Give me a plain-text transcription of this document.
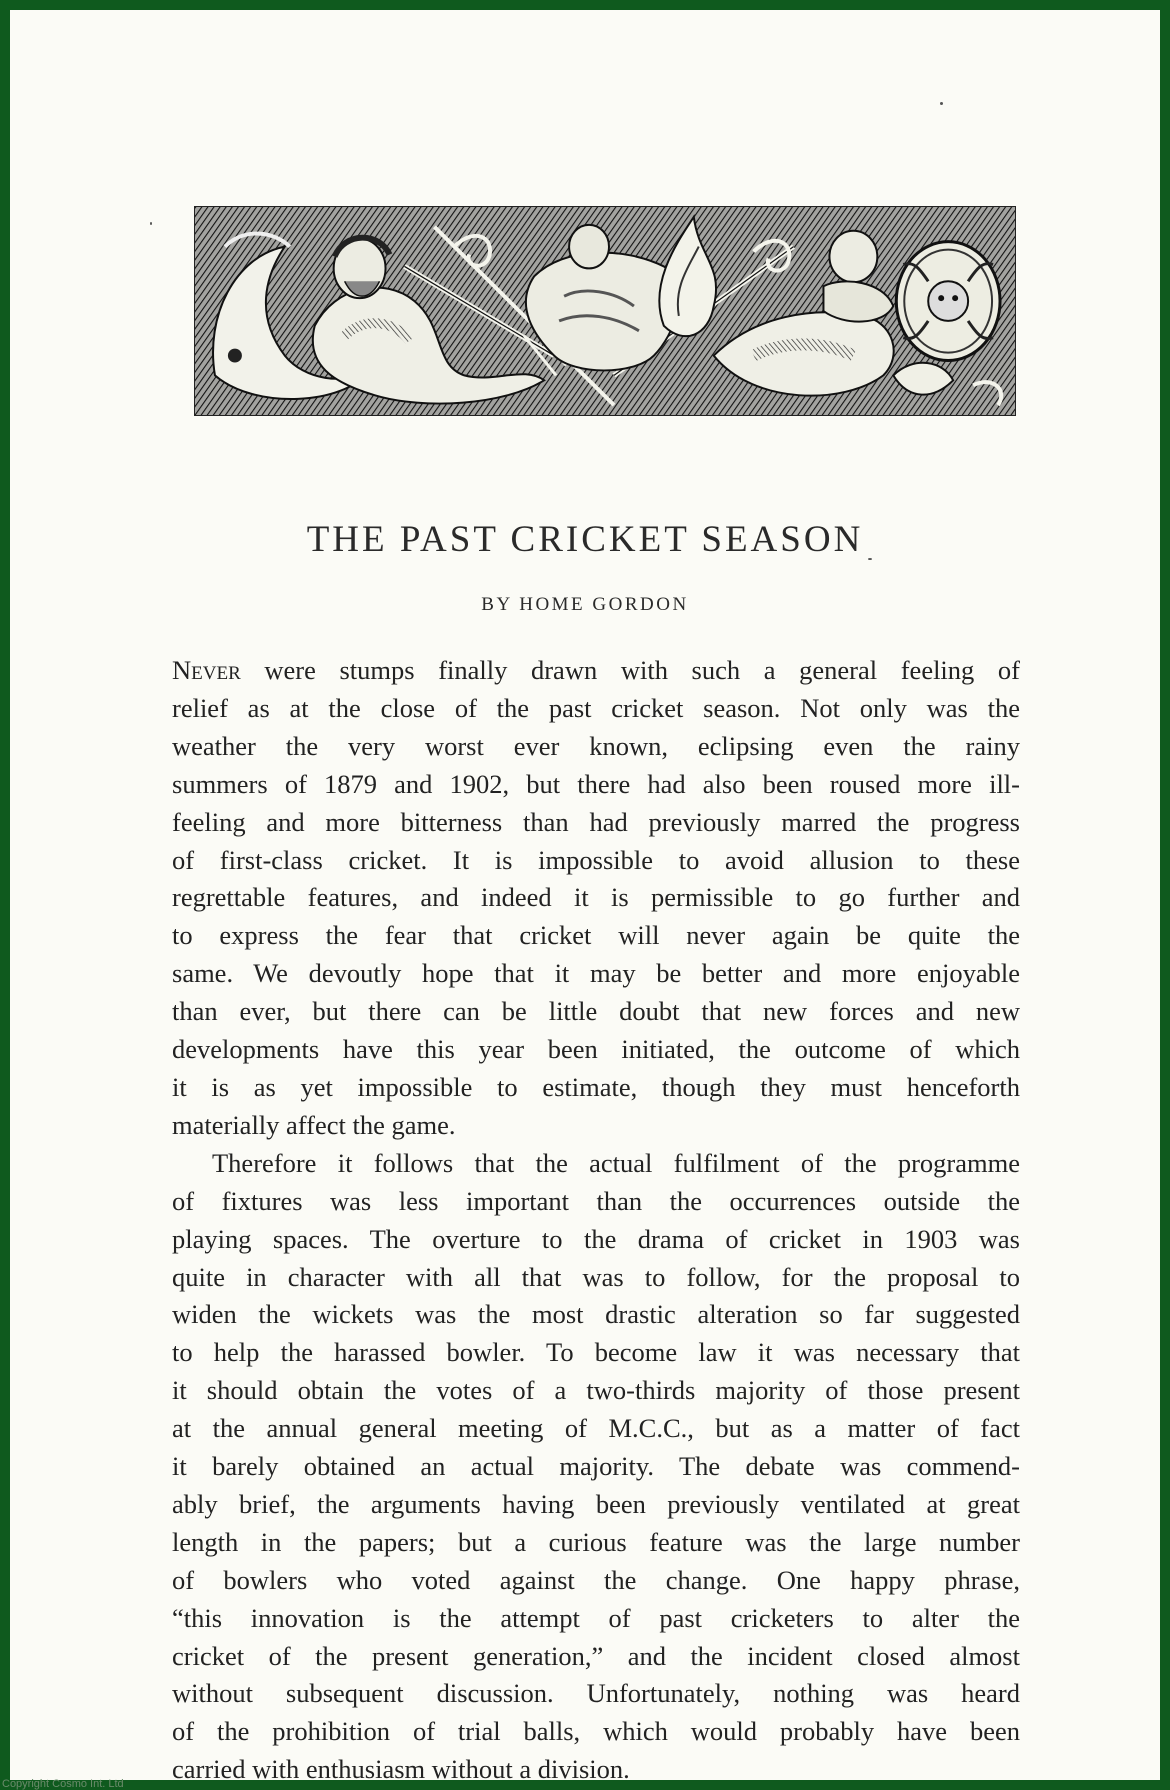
THE PAST CRICKET SEASON
BY HOME GORDON
Never were stumps finally drawn with such a general feeling of
relief as at the close of the past cricket season. Not only was the
weather the very worst ever known, eclipsing even the rainy
summers of 1879 and 1902, but there had also been roused more ill-
feeling and more bitterness than had previously marred the progress
of first-class cricket. It is impossible to avoid allusion to these
regrettable features, and indeed it is permissible to go further and
to express the fear that cricket will never again be quite the
same. We devoutly hope that it may be better and more enjoyable
than ever, but there can be little doubt that new forces and new
developments have this year been initiated, the outcome of which
it is as yet impossible to estimate, though they must henceforth
materially affect the game.
Therefore it follows that the actual fulfilment of the programme
of fixtures was less important than the occurrences outside the
playing spaces. The overture to the drama of cricket in 1903 was
quite in character with all that was to follow, for the proposal to
widen the wickets was the most drastic alteration so far suggested
to help the harassed bowler. To become law it was necessary that
it should obtain the votes of a two-thirds majority of those present
at the annual general meeting of M.C.C., but as a matter of fact
it barely obtained an actual majority. The debate was commend-
ably brief, the arguments having been previously ventilated at great
length in the papers; but a curious feature was the large number
of bowlers who voted against the change. One happy phrase,
“this innovation is the attempt of past cricketers to alter the
cricket of the present generation,” and the incident closed almost
without subsequent discussion. Unfortunately, nothing was heard
of the prohibition of trial balls, which would probably have been
carried with enthusiasm without a division.
Copyright Cosmo Int. Ltd
